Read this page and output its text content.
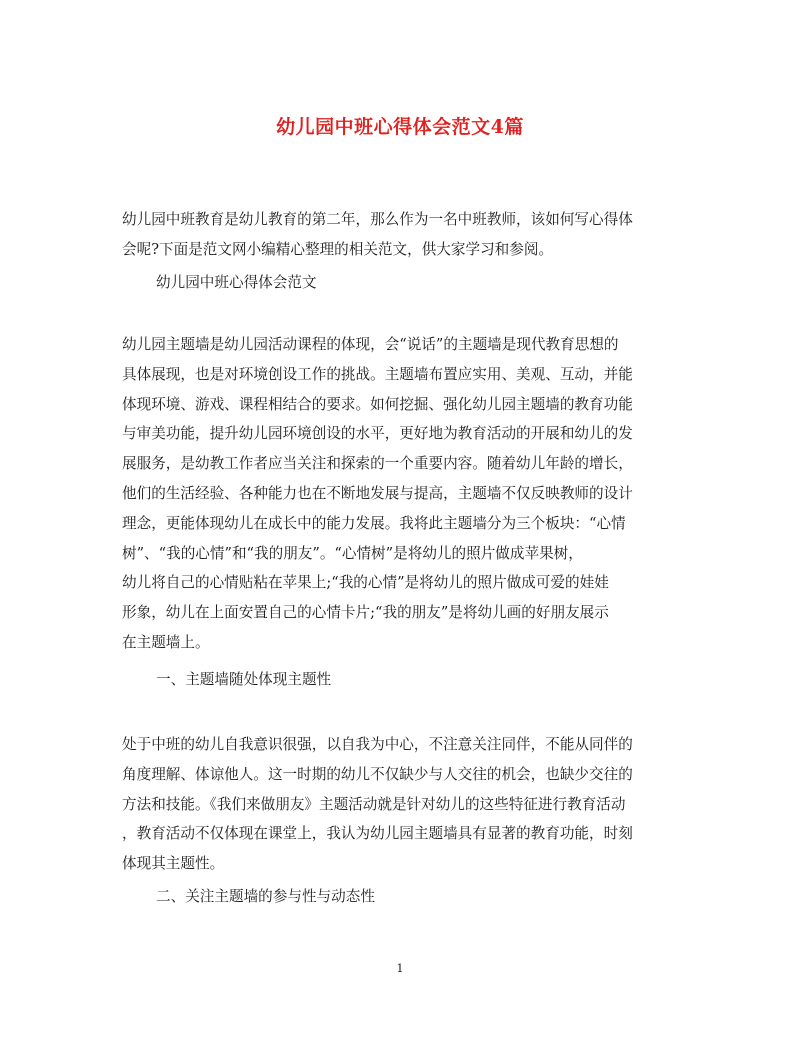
幼儿园中班心得体会范文4篇
幼儿园中班教育是幼儿教育的第二年，那么作为一名中班教师，该如何写心得体
会呢?下面是范文网小编精心整理的相关范文，供大家学习和参阅。
幼儿园中班心得体会范文
幼儿园主题墙是幼儿园活动课程的体现，会“说话”的主题墙是现代教育思想的
具体展现，也是对环境创设工作的挑战。主题墙布置应实用、美观、互动，并能
体现环境、游戏、课程相结合的要求。如何挖掘、强化幼儿园主题墙的教育功能
与审美功能，提升幼儿园环境创设的水平，更好地为教育活动的开展和幼儿的发
展服务，是幼教工作者应当关注和探索的一个重要内容。随着幼儿年龄的增长，
他们的生活经验、各种能力也在不断地发展与提高，主题墙不仅反映教师的设计
理念，更能体现幼儿在成长中的能力发展。我将此主题墙分为三个板块：“心情
树”、“我的心情”和“我的朋友”。“心情树”是将幼儿的照片做成苹果树，
幼儿将自己的心情贴粘在苹果上;“我的心情”是将幼儿的照片做成可爱的娃娃
形象，幼儿在上面安置自己的心情卡片;“我的朋友”是将幼儿画的好朋友展示
在主题墙上。
一、主题墙随处体现主题性
处于中班的幼儿自我意识很强，以自我为中心，不注意关注同伴，不能从同伴的
角度理解、体谅他人。这一时期的幼儿不仅缺少与人交往的机会，也缺少交往的
方法和技能。《我们来做朋友》主题活动就是针对幼儿的这些特征进行教育活动
，教育活动不仅体现在课堂上，我认为幼儿园主题墙具有显著的教育功能，时刻
体现其主题性。
二、关注主题墙的参与性与动态性
1
